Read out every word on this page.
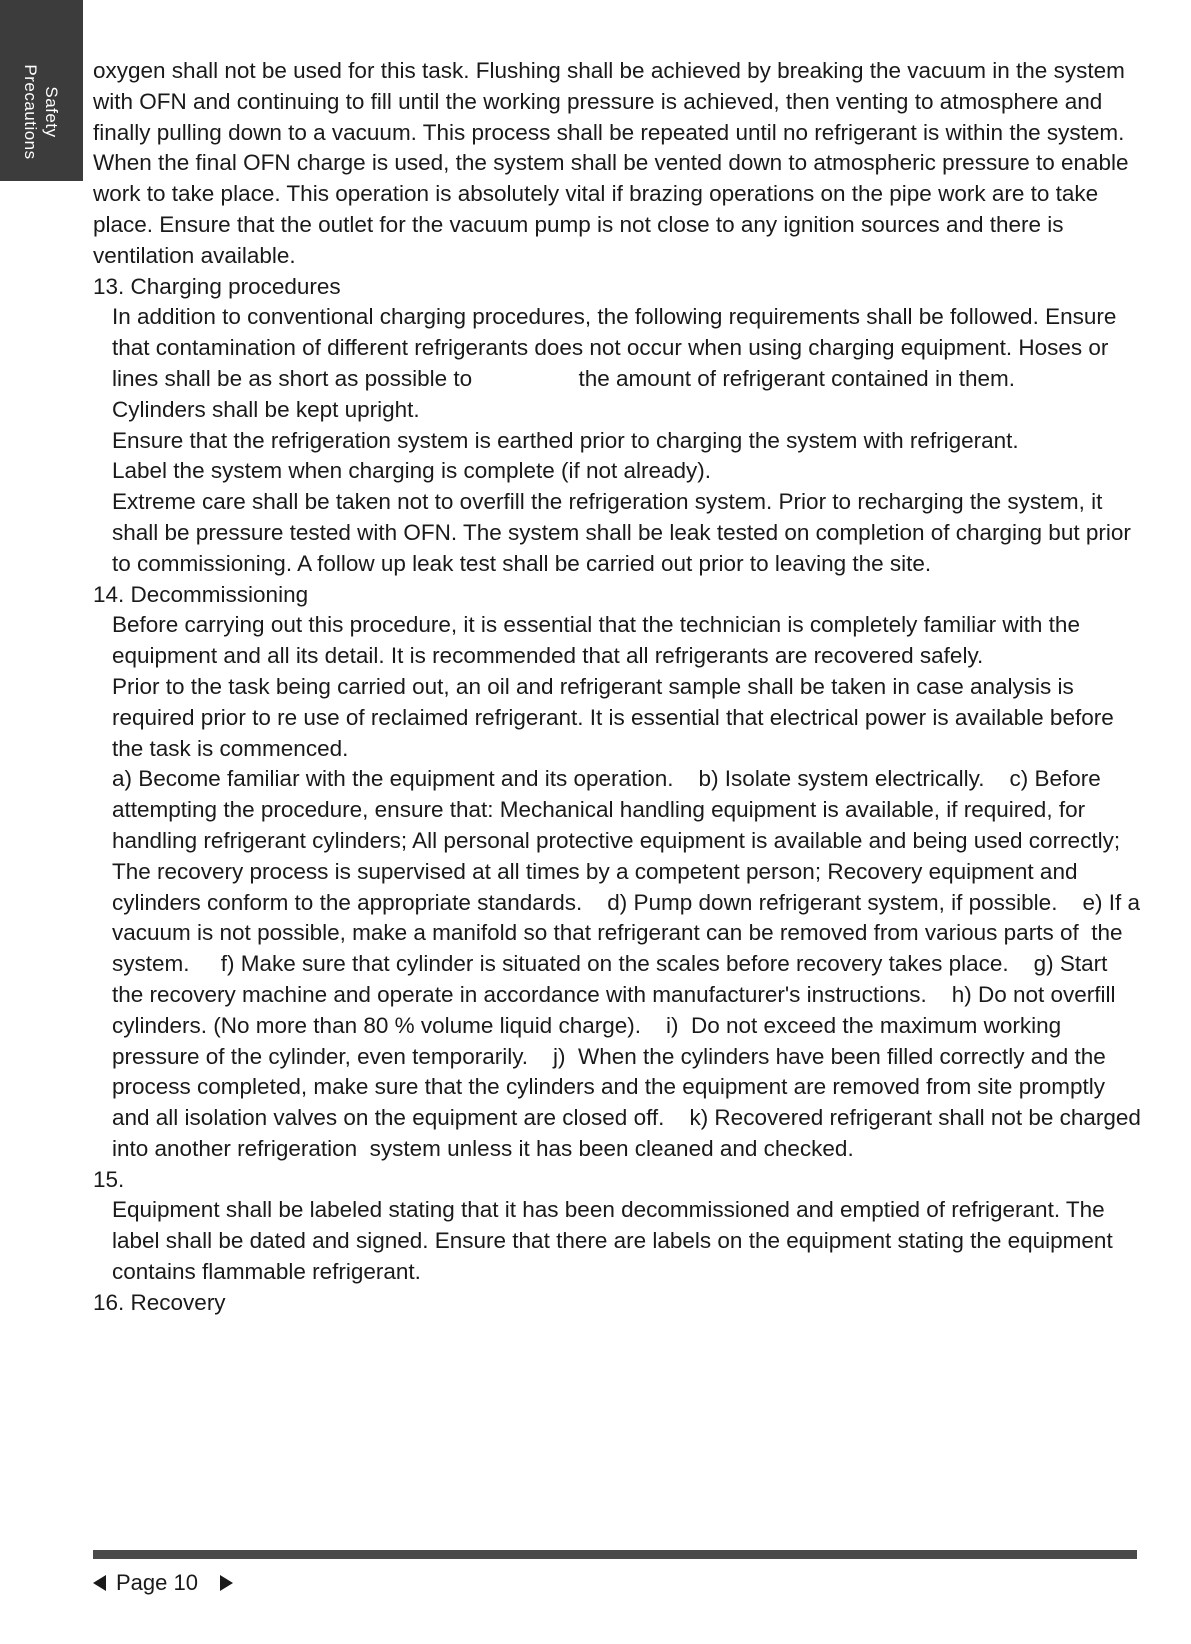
Safety
Precautions oxygen shall not be used for this task. Flushing shall be achieved by breaking the vacuum in the system with OFN and continuing to fill until the working pressure is achieved, then venting to atmosphere and finally pulling down to a vacuum. This process shall be repeated until no refrigerant is within the system. When the final OFN charge is used, the system shall be vented down to atmospheric pressure to enable work to take place. This operation is absolutely vital if brazing operations on the pipe work are to take place. Ensure that the outlet for the vacuum pump is not close to any ignition sources and there is ventilation available.

13. Charging procedures

In addition to conventional charging procedures, the following requirements shall be followed. Ensure that contamination of different refrigerants does not occur when using charging equipment. Hoses or lines shall be as short as possible to                 the amount of refrigerant contained in them.

Cylinders shall be kept upright.

Ensure that the refrigeration system is earthed prior to charging the system with refrigerant.

Label the system when charging is complete (if not already).

Extreme care shall be taken not to overfill the refrigeration system. Prior to recharging the system, it shall be pressure tested with OFN. The system shall be leak tested on completion of charging but prior to commissioning. A follow up leak test shall be carried out prior to leaving the site.

14. Decommissioning

Before carrying out this procedure, it is essential that the technician is completely familiar with the equipment and all its detail. It is recommended that all refrigerants are recovered safely.

Prior to the task being carried out, an oil and refrigerant sample shall be taken in case analysis is required prior to re use of reclaimed refrigerant. It is essential that electrical power is available before the task is commenced.

a) Become familiar with the equipment and its operation.    b) Isolate system electrically.    c) Before attempting the procedure, ensure that: Mechanical handling equipment is available, if required, for handling refrigerant cylinders; All personal protective equipment is available and being used correctly; The recovery process is supervised at all times by a competent person; Recovery equipment and cylinders conform to the appropriate standards.    d) Pump down refrigerant system, if possible.    e) If a vacuum is not possible, make a manifold so that refrigerant can be removed from various parts of  the system.     f) Make sure that cylinder is situated on the scales before recovery takes place.    g) Start the recovery machine and operate in accordance with manufacturer's instructions.    h) Do not overfill cylinders. (No more than 80 % volume liquid charge).    i)  Do not exceed the maximum working pressure of the cylinder, even temporarily.    j)  When the cylinders have been filled correctly and the process completed, make sure that the cylinders and the equipment are removed from site promptly and all isolation valves on the equipment are closed off.    k) Recovered refrigerant shall not be charged into another refrigeration  system unless it has been cleaned and checked.

15.

Equipment shall be labeled stating that it has been decommissioned and emptied of refrigerant. The label shall be dated and signed. Ensure that there are labels on the equipment stating the equipment contains flammable refrigerant.

16. Recovery

Page 10
